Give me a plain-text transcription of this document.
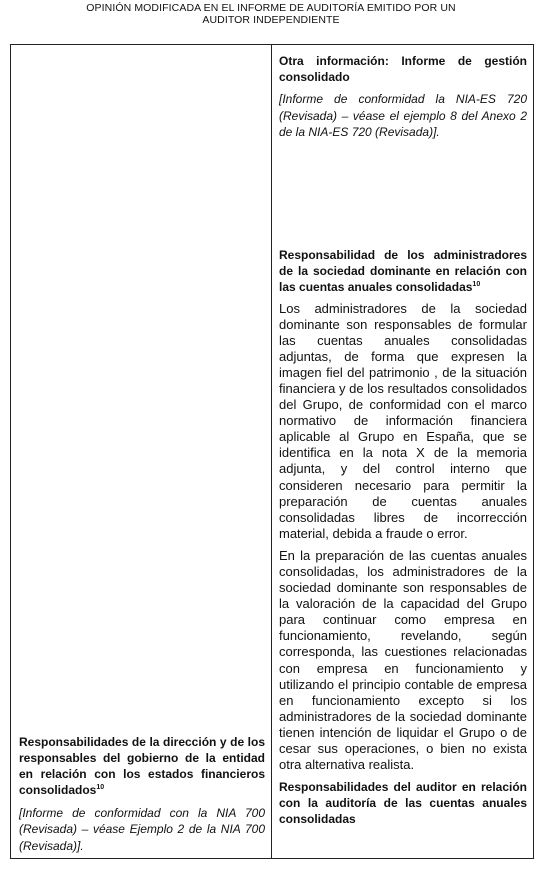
OPINIÓN MODIFICADA EN EL INFORME DE AUDITORÍA EMITIDO POR UN
AUDITOR INDEPENDIENTE

Responsabilidades de la dirección y de los responsables del gobierno de la entidad en relación con los estados financieros consolidados$^{10}$

[Informe de conformidad con la NIA 700 (Revisada) – véase Ejemplo 2 de la NIA 700 (Revisada)].

Otra información: Informe de gestión consolidado

[Informe de conformidad la NIA-ES 720 (Revisada) – véase el ejemplo 8 del Anexo 2 de la NIA-ES 720 (Revisada)].

Responsabilidad de los administradores de la sociedad dominante en relación con las cuentas anuales consolidadas$^{10}$

Los administradores de la sociedad dominante son responsables de formular las cuentas anuales consolidadas adjuntas, de forma que expresen la imagen fiel del patrimonio , de la situación financiera y de los resultados consolidados del Grupo, de conformidad con el marco normativo de información financiera aplicable al Grupo en España, que se identifica en la nota X de la memoria adjunta, y del control interno que consideren necesario para permitir la preparación de cuentas anuales consolidadas libres de incorrección material, debida a fraude o error.

En la preparación de las cuentas anuales consolidadas, los administradores de la sociedad dominante son responsables de la valoración de la capacidad del Grupo para continuar como empresa en funcionamiento, revelando, según corresponda, las cuestiones relacionadas con empresa en funcionamiento y utilizando el principio contable de empresa en funcionamiento excepto si los administradores de la sociedad dominante tienen intención de liquidar el Grupo o de cesar sus operaciones, o bien no exista otra alternativa realista.

Responsabilidades del auditor en relación con la auditoría de las cuentas anuales consolidadas
